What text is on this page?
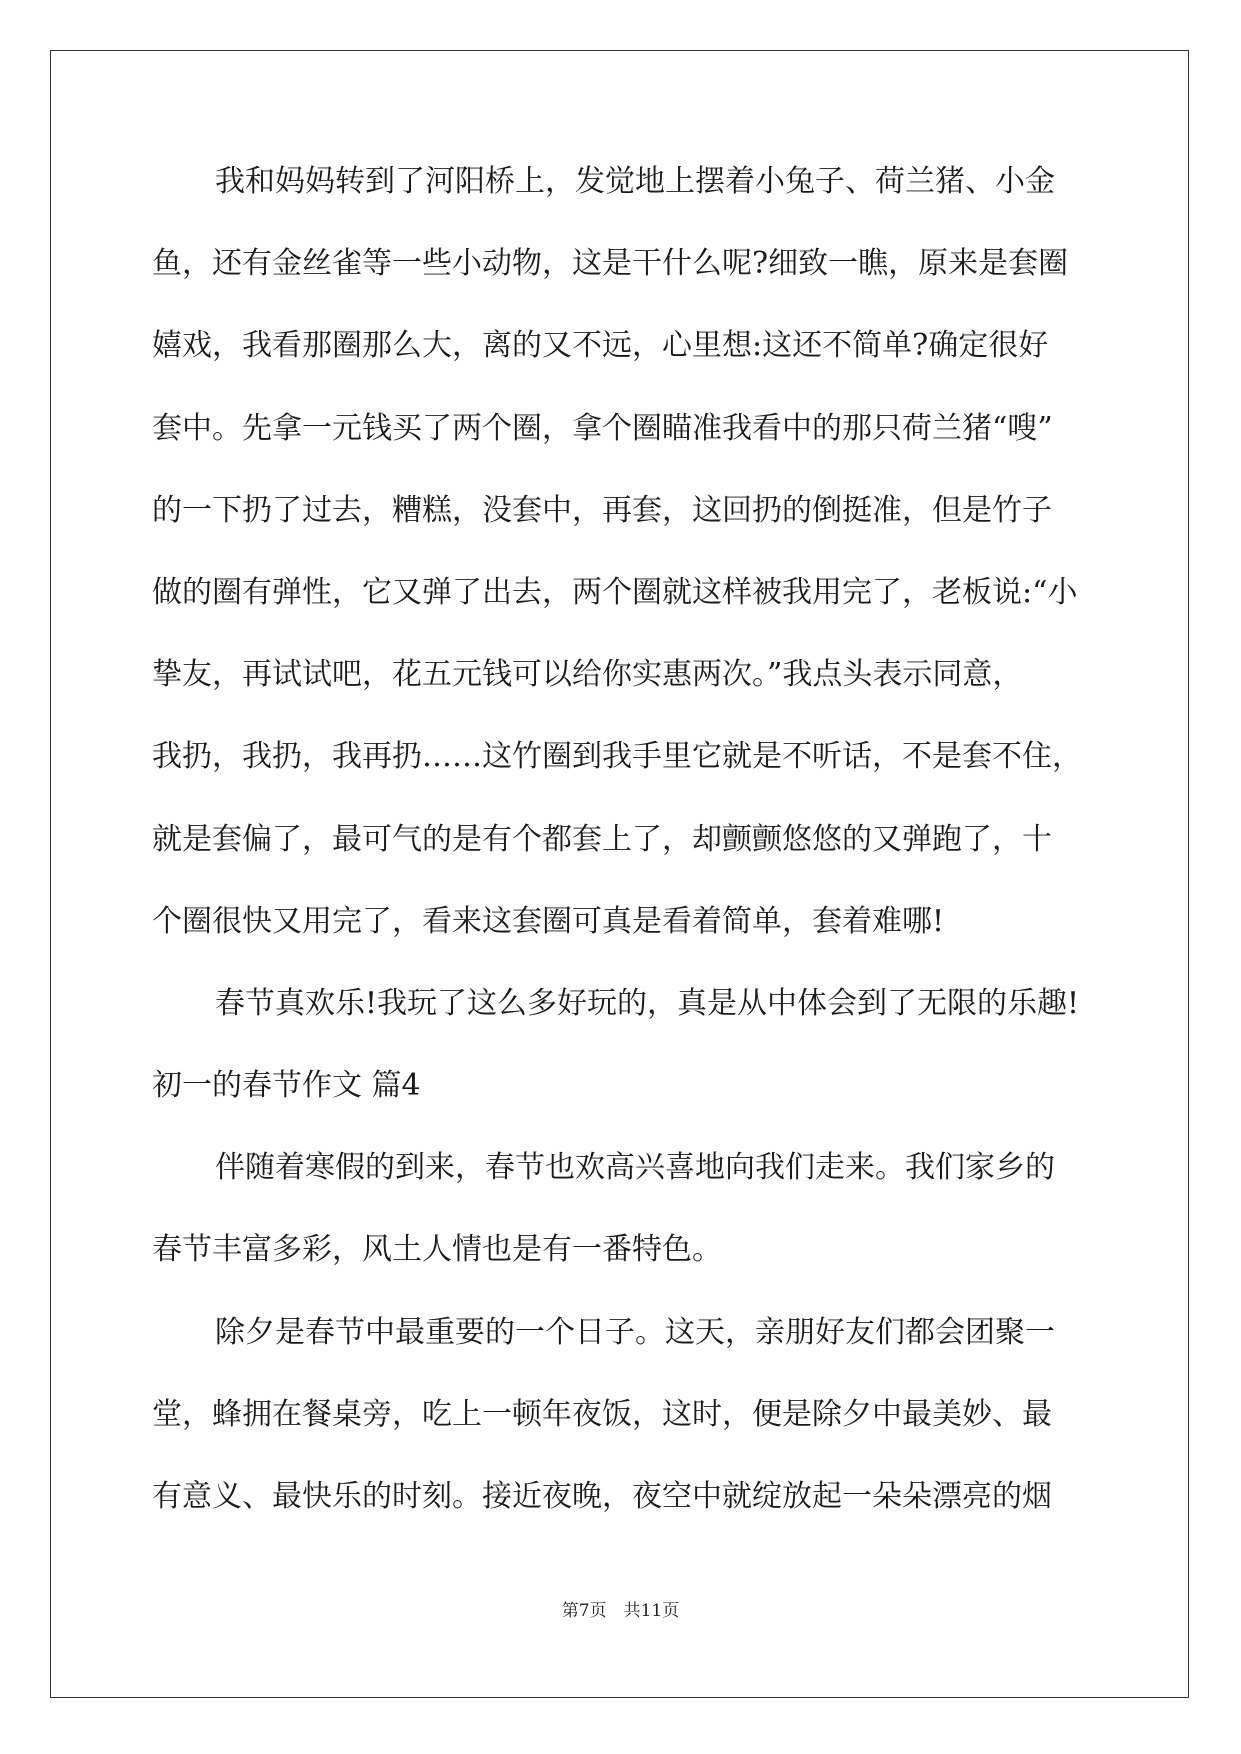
我和妈妈转到了河阳桥上，发觉地上摆着小兔子、荷兰猪、小金
鱼，还有金丝雀等一些小动物，这是干什么呢?细致一瞧，原来是套圈
嬉戏，我看那圈那么大，离的又不远，心里想:这还不简单?确定很好
套中。先拿一元钱买了两个圈，拿个圈瞄准我看中的那只荷兰猪“嗖”
的一下扔了过去，糟糕，没套中，再套，这回扔的倒挺准，但是竹子
做的圈有弹性，它又弹了出去，两个圈就这样被我用完了，老板说:“小
挚友，再试试吧，花五元钱可以给你实惠两次。”我点头表示同意，
我扔，我扔，我再扔……这竹圈到我手里它就是不听话，不是套不住，
就是套偏了，最可气的是有个都套上了，却颤颤悠悠的又弹跑了，十
个圈很快又用完了，看来这套圈可真是看着简单，套着难哪!
春节真欢乐!我玩了这么多好玩的，真是从中体会到了无限的乐趣!
初一的春节作文 篇4
伴随着寒假的到来，春节也欢高兴喜地向我们走来。我们家乡的
春节丰富多彩，风土人情也是有一番特色。
除夕是春节中最重要的一个日子。这天，亲朋好友们都会团聚一
堂，蜂拥在餐桌旁，吃上一顿年夜饭，这时，便是除夕中最美妙、最
有意义、最快乐的时刻。接近夜晚，夜空中就绽放起一朵朵漂亮的烟
第7页　共11页
